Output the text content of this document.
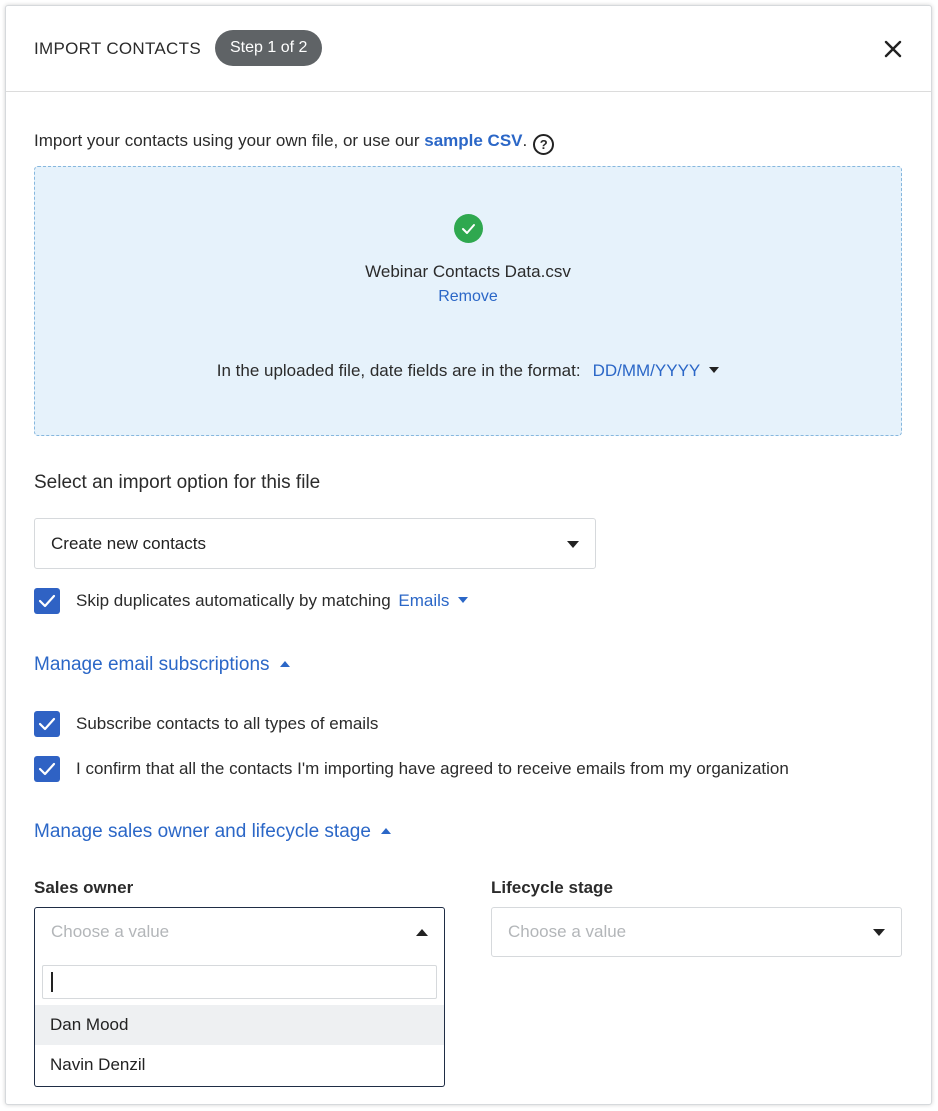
IMPORT CONTACTS	Step 1 of 2
Import your contacts using your own file, or use our sample CSV. ?
Webinar Contacts Data.csv
Remove
In the uploaded file, date fields are in the format: DD/MM/YYYY
Select an import option for this file
Create new contacts
Skip duplicates automatically by matching Emails
Manage email subscriptions
Subscribe contacts to all types of emails
I confirm that all the contacts I'm importing have agreed to receive emails from my organization
Manage sales owner and lifecycle stage
Sales owner	Lifecycle stage
Choose a value
Dan Mood
Navin Denzil
Choose a value
